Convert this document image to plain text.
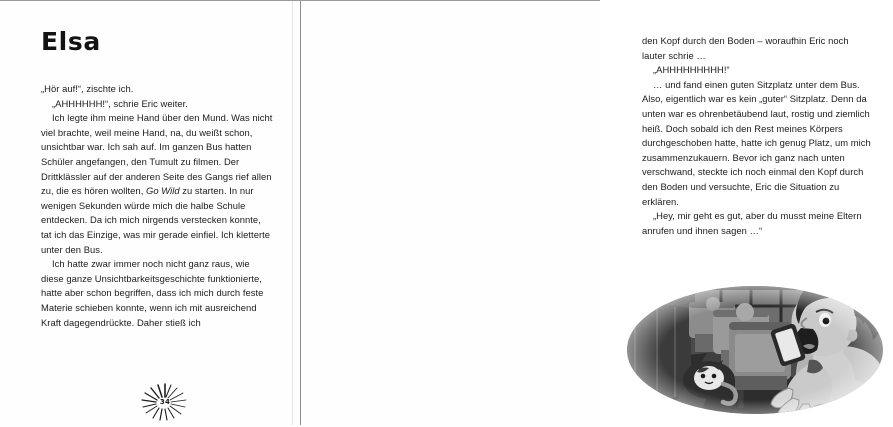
Elsa

„Hör auf!“, zischte ich.

„AHHHHHH!“, schrie Eric weiter.

Ich legte ihm meine Hand über den Mund. Was nicht viel brachte, weil meine Hand, na, du weißt schon, unsichtbar war. Ich sah auf. Im ganzen Bus hatten Schüler angefangen, den Tumult zu filmen. Der Drittklässler auf der anderen Seite des Gangs rief allen zu, die es hören wollten, Go Wild zu starten. In nur wenigen Sekunden würde mich die halbe Schule entdecken. Da ich mich nirgends verstecken konnte, tat ich das Einzige, was mir gerade einfiel. Ich kletterte unter den Bus.

Ich hatte zwar immer noch nicht ganz raus, wie diese ganze Unsichtbarkeitsgeschichte funktionierte, hatte aber schon begriffen, dass ich mich durch feste Materie schieben konnte, wenn ich mit ausreichend Kraft dagegendrückte. Daher stieß ich

34

den Kopf durch den Boden – woraufhin Eric noch lauter schrie …

„AHHHHHHHHH!“

… und fand einen guten Sitzplatz unter dem Bus. Also, eigentlich war es kein „guter“ Sitzplatz. Denn da unten war es ohrenbetäubend laut, rostig und ziemlich heiß. Doch sobald ich den Rest meines Körpers durchgeschoben hatte, hatte ich genug Platz, um mich zusammenzukauern. Bevor ich ganz nach unten verschwand, steckte ich noch einmal den Kopf durch den Boden und versuchte, Eric die Situation zu erklären.

„Hey, mir geht es gut, aber du musst meine Eltern anrufen und ihnen sagen …“
